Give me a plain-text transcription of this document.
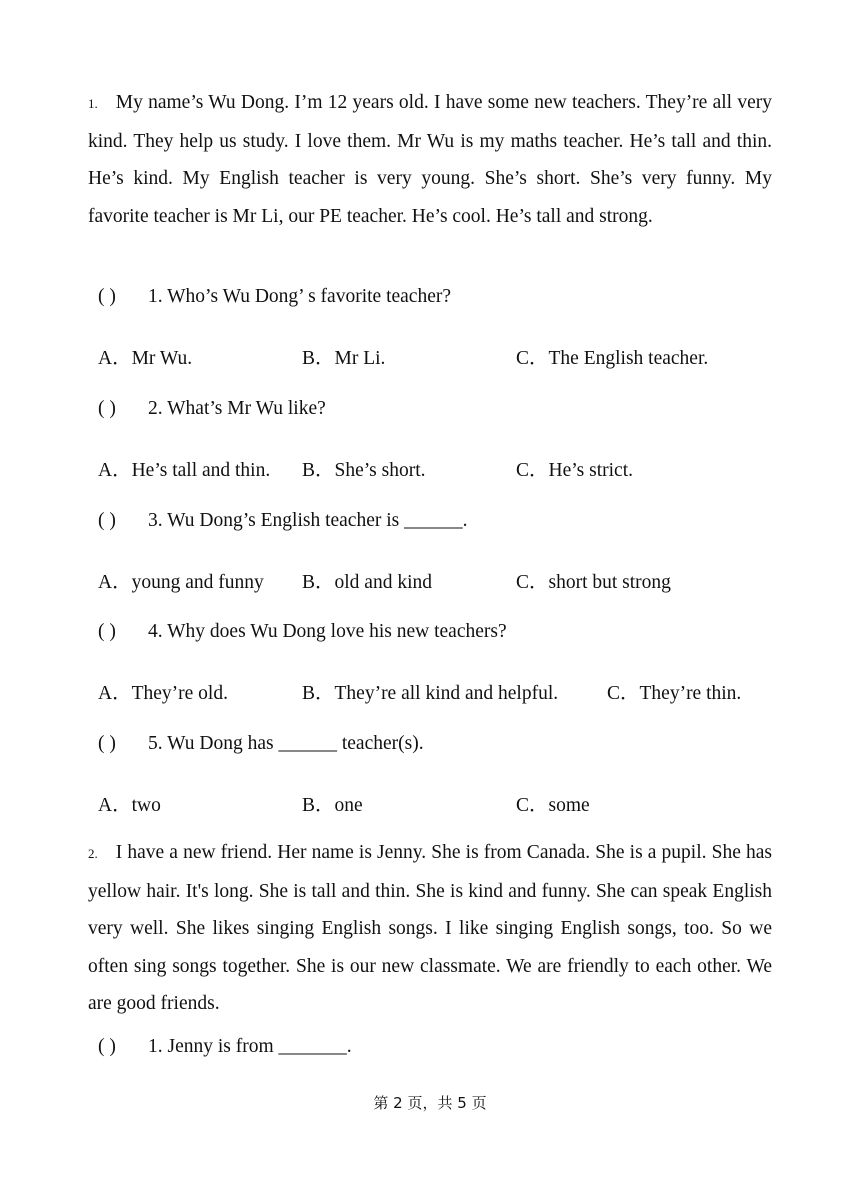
1. My name’s Wu Dong. I’m 12 years old. I have some new teachers. They’re all very kind. They help us study. I love them. Mr Wu is my maths teacher. He’s tall and thin. He’s kind. My English teacher is very young. She’s short. She’s very funny. My favorite teacher is Mr Li, our PE teacher. He’s cool. He’s tall and strong.

( ) 1. Who’s Wu Dong’ s favorite teacher?
A．Mr Wu.	B．Mr Li.	C．The English teacher.
( ) 2. What’s Mr Wu like?
A．He’s tall and thin. B．She’s short.	C．He’s strict.
( ) 3. Wu Dong’s English teacher is ______.
A．young and funny B．old and kind	C．short but strong
( ) 4. Why does Wu Dong love his new teachers?
A．They’re old.	B．They’re all kind and helpful.	C．They’re thin.
( ) 5. Wu Dong has ______ teacher(s).
A．two	B．one	C．some

2. I have a new friend. Her name is Jenny. She is from Canada. She is a pupil. She has yellow hair. It's long. She is tall and thin. She is kind and funny. She can speak English very well. She likes singing English songs. I like singing English songs, too. So we often sing songs together. She is our new classmate. We are friendly to each other. We are good friends.

( ) 1. Jenny is from _______.
第 2 页，共 5 页
